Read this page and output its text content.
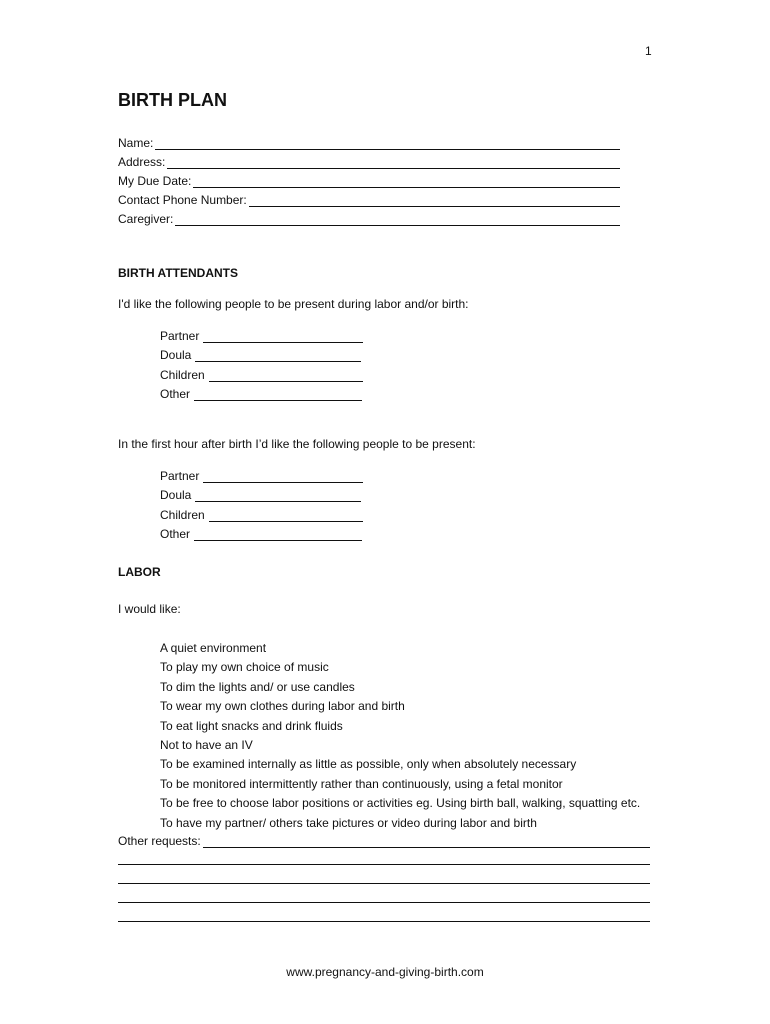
1
BIRTH PLAN
Name:
Address:
My Due Date:
Contact Phone Number:
Caregiver:
BIRTH ATTENDANTS

I'd like the following people to be present during labor and/or birth:

Partner
Doula
Children
Other

In the first hour after birth I’d like the following people to be present:

Partner
Doula
Children
Other
LABOR

I would like:

A quiet environment
To play my own choice of music
To dim the lights and/ or use candles
To wear my own clothes during labor and birth
To eat light snacks and drink fluids
Not to have an IV
To be examined internally as little as possible, only when absolutely necessary
To be monitored intermittently rather than continuously, using a fetal monitor
To be free to choose labor positions or activities eg. Using birth ball, walking, squatting etc.
To have my partner/ others take pictures or video during labor and birth
Other requests:
www.pregnancy-and-giving-birth.com
